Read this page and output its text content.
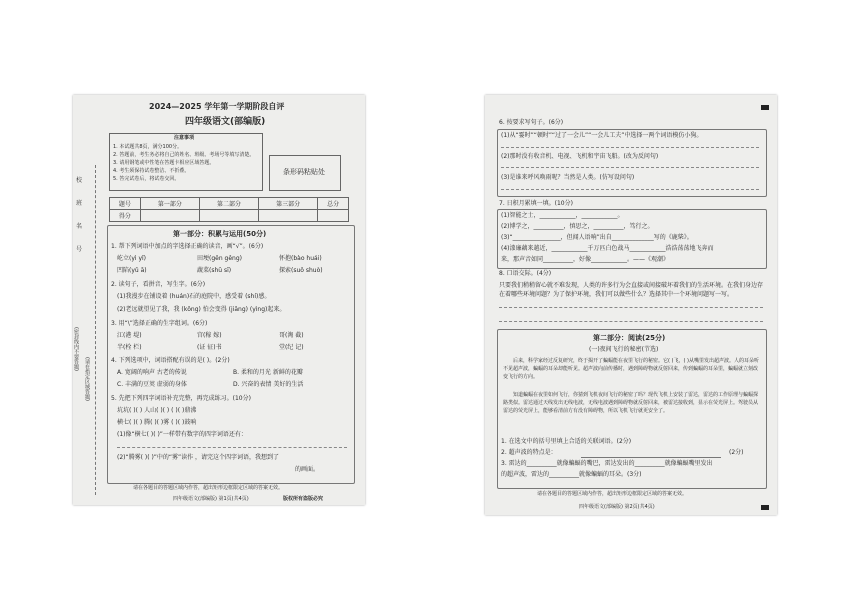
2024—2025 学年第一学期阶段自评
四年级语文(部编版)
注意事项
1. 本试题共8页，满分100分。
2. 答题前，考生务必将自己的姓名、班级、考场号等填写清楚。
3. 请用钢笔或中性笔在答题卡相应区域答题。
4. 考生须保持试卷整洁、不折叠。
5. 答完试卷后，将试卷交回。
条形码粘贴处
题号	第一部分	第二部分	第三部分	总分
得分				
校
班
名
号
(密封线内不要答题)
(请在指定区域答题)
第一部分：积累与运用(50分)
1. 帮下列词语中加点的字选择正确的读音，画“√”。(6分)
屹立(yì yǐ)	田埂(gěn gěng)	怀抱(bào huái)
凹陷(yǔ ā)	蔬菜(shū sī)	探索(suǒ shuò)
2. 读句子，看拼音，写生字。(6分)
(1)我漫步在铺设着 (huán)石的庭院中，感受着 (shí)感。
(2)老远就望见了我，我 (kōng) 怕会变得 (jiāng) (yìng)起来。
3. 用“\”选择正确的生字组词。(6分)
江(港 堤)	宫(稼 嫁)	哥(淘 截)
半(栓 栏)	(证 征)书	堂(纪 记)
4. 下列选项中，词语搭配有误的是( )。(2分)
A. 宽阔的响声 古老的传说	B. 柔和的月光 新鲜的花瓣
C. 丰满的豆荚 虚弱的身体	D. 兴奋的表情 美好的生活
5. 先把下列四字词语补充完整，再完成练习。(10分)
坑坑( )( ) 人山( )( ) ( )( )鼎沸
横七( )( ) 腾( )( )雾 ( )( )鼓响
(1)像“横七( )( )”一样带有数字的四字词语还有：
(2)“腾雾( )( )”中的“雾”读作 ，请完这个四字词语，我想到了
的画面。
请在各题目的答题区域内作答，超出矩形边框限定区域的答案无效。
四年级语文(部编版) 第1页(共4页)	版权所有盗版必究
6. 按要求写句子。(6分)
(1)从“霎时”“顿时”“过了一会儿”“一会儿工夫”中选择一两个词语模仿小狗。
(2)那时没有收音机、电视、飞机和宇宙飞船。(改为反问句)
(3)是谁来呼风唤雨呢？当然是人类。(仿写设问句)
7. 日积月累填一填。(10分)
(1)智能之士，____________，____________。
(2)博学之，__________，慎思之，__________，笃行之。
(3)“________________，但闻人语响”出自______________写的《鹿柴》。
(4)漆廉藕来越近，____________千万匹白色战马____________浩浩荡荡地飞奔而
来，那声音如同__________，好像____________。——《观潮》
8. 口语交际。(4分)
只要我们稍稍留心就不难发现，人类的许多行为会直接或间接破坏着我们的生活环境。在我们身边存在着哪些环境问题？为了保护环境，我们可以做些什么？选择其中一个环境问题写一写。
第二部分：阅读(25分)
(一)夜间飞行的秘密(节选)
后来，科学家经过反复研究，终于揭开了蝙蝠能在夜里飞行的秘密。它( )飞，( )从嘴里发出超声波。人的耳朵听不见超声波，蝙蝠的耳朵却能听见。超声波向前传播时，遇到障碍物就反射回来，传到蝙蝠的耳朵里，蝙蝠就立刻改变飞行的方向。
知道蝙蝠在夜里如何飞行，你猜到飞机夜间飞行的秘密了吗？现代飞机上安装了雷达，雷达的工作原理与蝙蝠探路类似。雷达通过天线发出无线电波，无线电波遇到障碍物就反射回来，被雷达接收到，显示在荧光屏上。驾驶员从雷达的荧光屏上，能够看清前方有没有障碍物，所以飞机飞行就更安全了。
1. 在选文中的括号里填上合适的关联词语。(2分)
2. 超声波的特点是：	(2分)
3. 雷达的__________就像蝙蝠的嘴巴，雷达发出的__________就像蝙蝠嘴里发出
的超声波，雷达的__________就像蝙蝠的耳朵。(3分)
请在各题目的答题区域内作答，超出矩形边框限定区域的答案无效。
四年级语文(部编版) 第2页(共4页)
